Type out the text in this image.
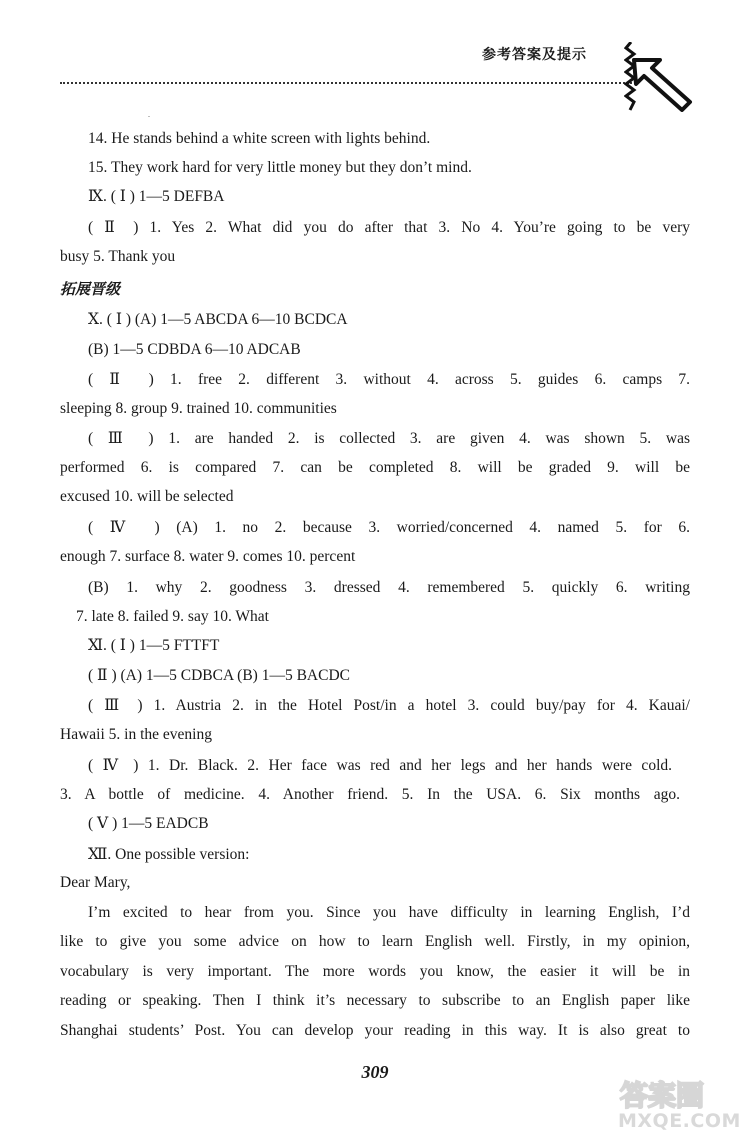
参考答案及提示
.
14. He stands behind a white screen with lights behind.
15. They work hard for very little money but they don’t mind.
Ⅸ. ( Ⅰ ) 1—5 DEFBA
( Ⅱ ) 1. Yes 2. What did you do after that 3. No 4. You’re going to be very
busy 5. Thank you
拓展晋级
Ⅹ. ( Ⅰ ) (A) 1—5 ABCDA 6—10 BCDCA
(B) 1—5 CDBDA 6—10 ADCAB
( Ⅱ ) 1. free 2. different 3. without 4. across 5. guides 6. camps 7.
sleeping 8. group 9. trained 10. communities
( Ⅲ ) 1. are handed 2. is collected 3. are given 4. was shown 5. was
performed 6. is compared 7. can be completed 8. will be graded 9. will be
excused 10. will be selected
( Ⅳ ) (A) 1. no 2. because 3. worried/concerned 4. named 5. for 6.
enough 7. surface 8. water 9. comes 10. percent
(B) 1. why 2. goodness 3. dressed 4. remembered 5. quickly 6. writing
7. late 8. failed 9. say 10. What
Ⅺ. ( Ⅰ ) 1—5 FTTFT
( Ⅱ ) (A) 1—5 CDBCA (B) 1—5 BACDC
( Ⅲ ) 1. Austria 2. in the Hotel Post/in a hotel 3. could buy/pay for 4. Kauai/
Hawaii 5. in the evening
( Ⅳ ) 1. Dr. Black. 2. Her face was red and her legs and her hands were cold.
3. A bottle of medicine. 4. Another friend. 5. In the USA. 6. Six months ago.
( Ⅴ ) 1—5 EADCB
Ⅻ. One possible version:
Dear Mary,
I’m excited to hear from you. Since you have difficulty in learning English, I’d
like to give you some advice on how to learn English well. Firstly, in my opinion,
vocabulary is very important. The more words you know, the easier it will be in
reading or speaking. Then I think it’s necessary to subscribe to an English paper like
Shanghai students’ Post. You can develop your reading in this way. It is also great to
309
答案圈
MXQE.COM
